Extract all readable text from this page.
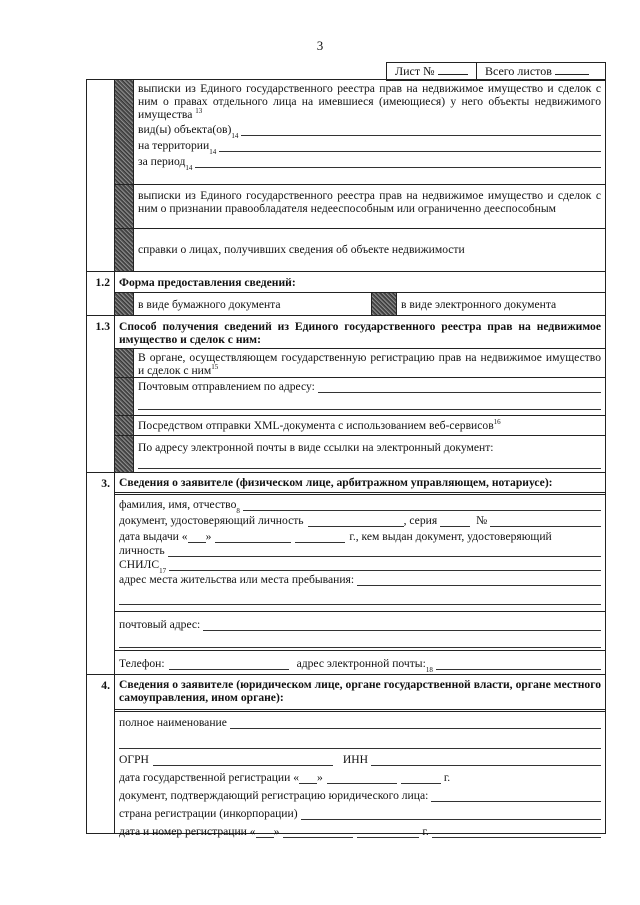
3
Лист №	Всего листов
выписки из Единого государственного реестра прав на недвижимое имущество и сделок с ним о правах отдельного лица на имевшиеся (имеющиеся) у него объекты недвижимого имущества $^{13}$
вид(ы) объекта(ов) 14
на территории 14
за период 14
выписки из Единого государственного реестра прав на недвижимое имущество и сделок с ним о признании правообладателя недееспособным или ограниченно дееспособным
справки о лицах, получивших сведения об объекте недвижимости
1.2 Форма предоставления сведений:
в виде бумажного документа	в виде электронного документа
1.3 Способ получения сведений из Единого государственного реестра прав на недвижимое имущество и сделок с ним:
В органе, осуществляющем государственную регистрацию прав на недвижимое имущество и сделок с ним$^{15}$
Почтовым отправлением по адресу:
Посредством отправки XML-документа с использованием веб-сервисов$^{16}$
По адресу электронной почты в виде ссылки на электронный документ:
3. Сведения о заявителе (физическом лице, арбитражном управляющем, нотариусе):
фамилия, имя, отчество 8
документ, удостоверяющий личность	, серия	№
дата выдачи « »	г., кем выдан документ, удостоверяющий
личность
СНИЛС 17
адрес места жительства или места пребывания:
почтовый адрес:
Телефон:	адрес электронной почты: 18
4. Сведения о заявителе (юридическом лице, органе государственной власти, органе местного самоуправления, ином органе):
полное наименование
ОГРН	ИНН
дата государственной регистрации « »	г.
документ, подтверждающий регистрацию юридического лица:
страна регистрации (инкорпорации)
дата и номер регистрации « »	г.
